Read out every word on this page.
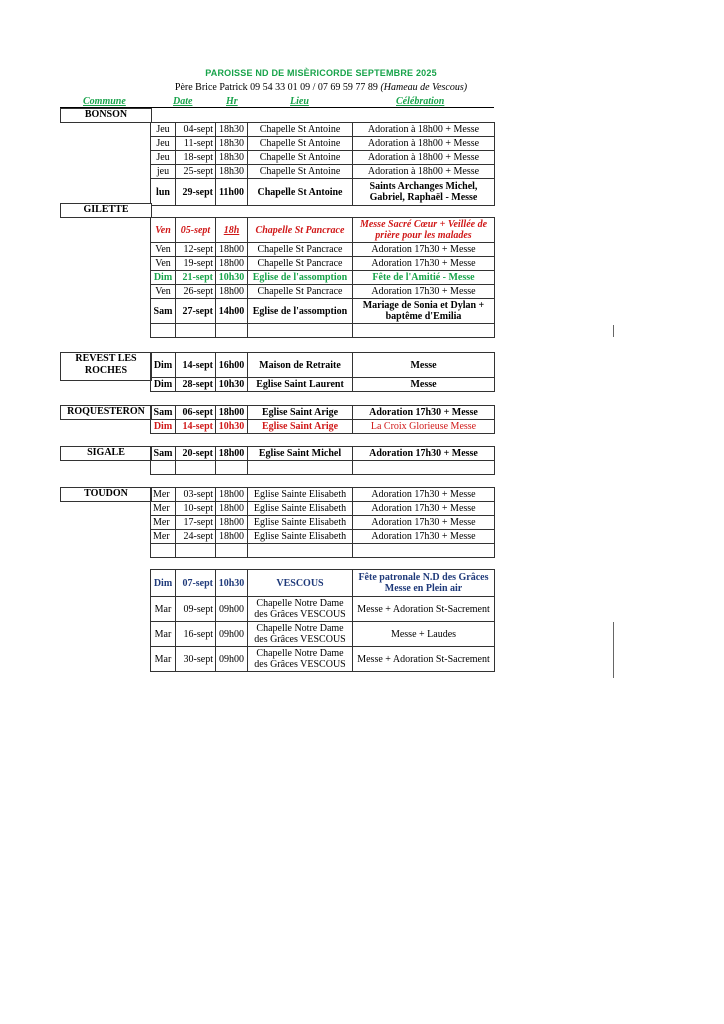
PAROISSE ND DE MISÈRICORDE SEPTEMBRE 2025
Père Brice Patrick 09 54 33 01 09 / 07 69 59 77 89 (Hameau de Vescous)
Commune	Date	Hr	Lieu	Célébration
BONSON
Jeu	04-sept	18h30	Chapelle St Antoine	Adoration à 18h00 + Messe
Jeu	11-sept	18h30	Chapelle St Antoine	Adoration à 18h00 + Messe
Jeu	18-sept	18h30	Chapelle St Antoine	Adoration à 18h00 + Messe
jeu	25-sept	18h30	Chapelle St Antoine	Adoration à 18h00 + Messe
lun	29-sept	11h00	Chapelle St Antoine	Saints Archanges Michel, Gabriel, Raphaël - Messe
GILETTE
Ven	05-sept	18h	Chapelle St Pancrace	Messe Sacré Cœur + Veillée de prière pour les malades
Ven	12-sept	18h00	Chapelle St Pancrace	Adoration 17h30 + Messe
Ven	19-sept	18h00	Chapelle St Pancrace	Adoration 17h30 + Messe
Dim	21-sept	10h30	Eglise de l'assomption	Fête de l'Amitié - Messe
Ven	26-sept	18h00	Chapelle St Pancrace	Adoration 17h30 + Messe
Sam	27-sept	14h00	Eglise de l'assomption	Mariage de Sonia et Dylan + baptême d'Emilia

REVEST LES ROCHES	Dim	14-sept	16h00	Maison de Retraite	Messe
Dim	28-sept	10h30	Eglise Saint Laurent	Messe
ROQUESTERON Sam	06-sept	18h00	Eglise Saint Arige	Adoration 17h30 + Messe
Dim	14-sept	10h30	Eglise Saint Arige	La Croix Glorieuse Messe
SIGALE	Sam	20-sept	18h00	Eglise Saint Michel	Adoration 17h30 + Messe

TOUDON	Mer	03-sept	18h00	Eglise Sainte Elisabeth	Adoration 17h30 + Messe
Mer	10-sept	18h00	Eglise Sainte Elisabeth	Adoration 17h30 + Messe
Mer	17-sept	18h00	Eglise Sainte Elisabeth	Adoration 17h30 + Messe
Mer	24-sept	18h00	Eglise Sainte Elisabeth	Adoration 17h30 + Messe

Dim	07-sept	10h30	VESCOUS	Fête patronale N.D des Grâces Messe en Plein air
Mar	09-sept	09h00	Chapelle Notre Dame des Grâces VESCOUS	Messe + Adoration St-Sacrement
Mar	16-sept	09h00	Chapelle Notre Dame des Grâces VESCOUS	Messe + Laudes
Mar	30-sept	09h00	Chapelle Notre Dame des Grâces VESCOUS	Messe + Adoration St-Sacrement
